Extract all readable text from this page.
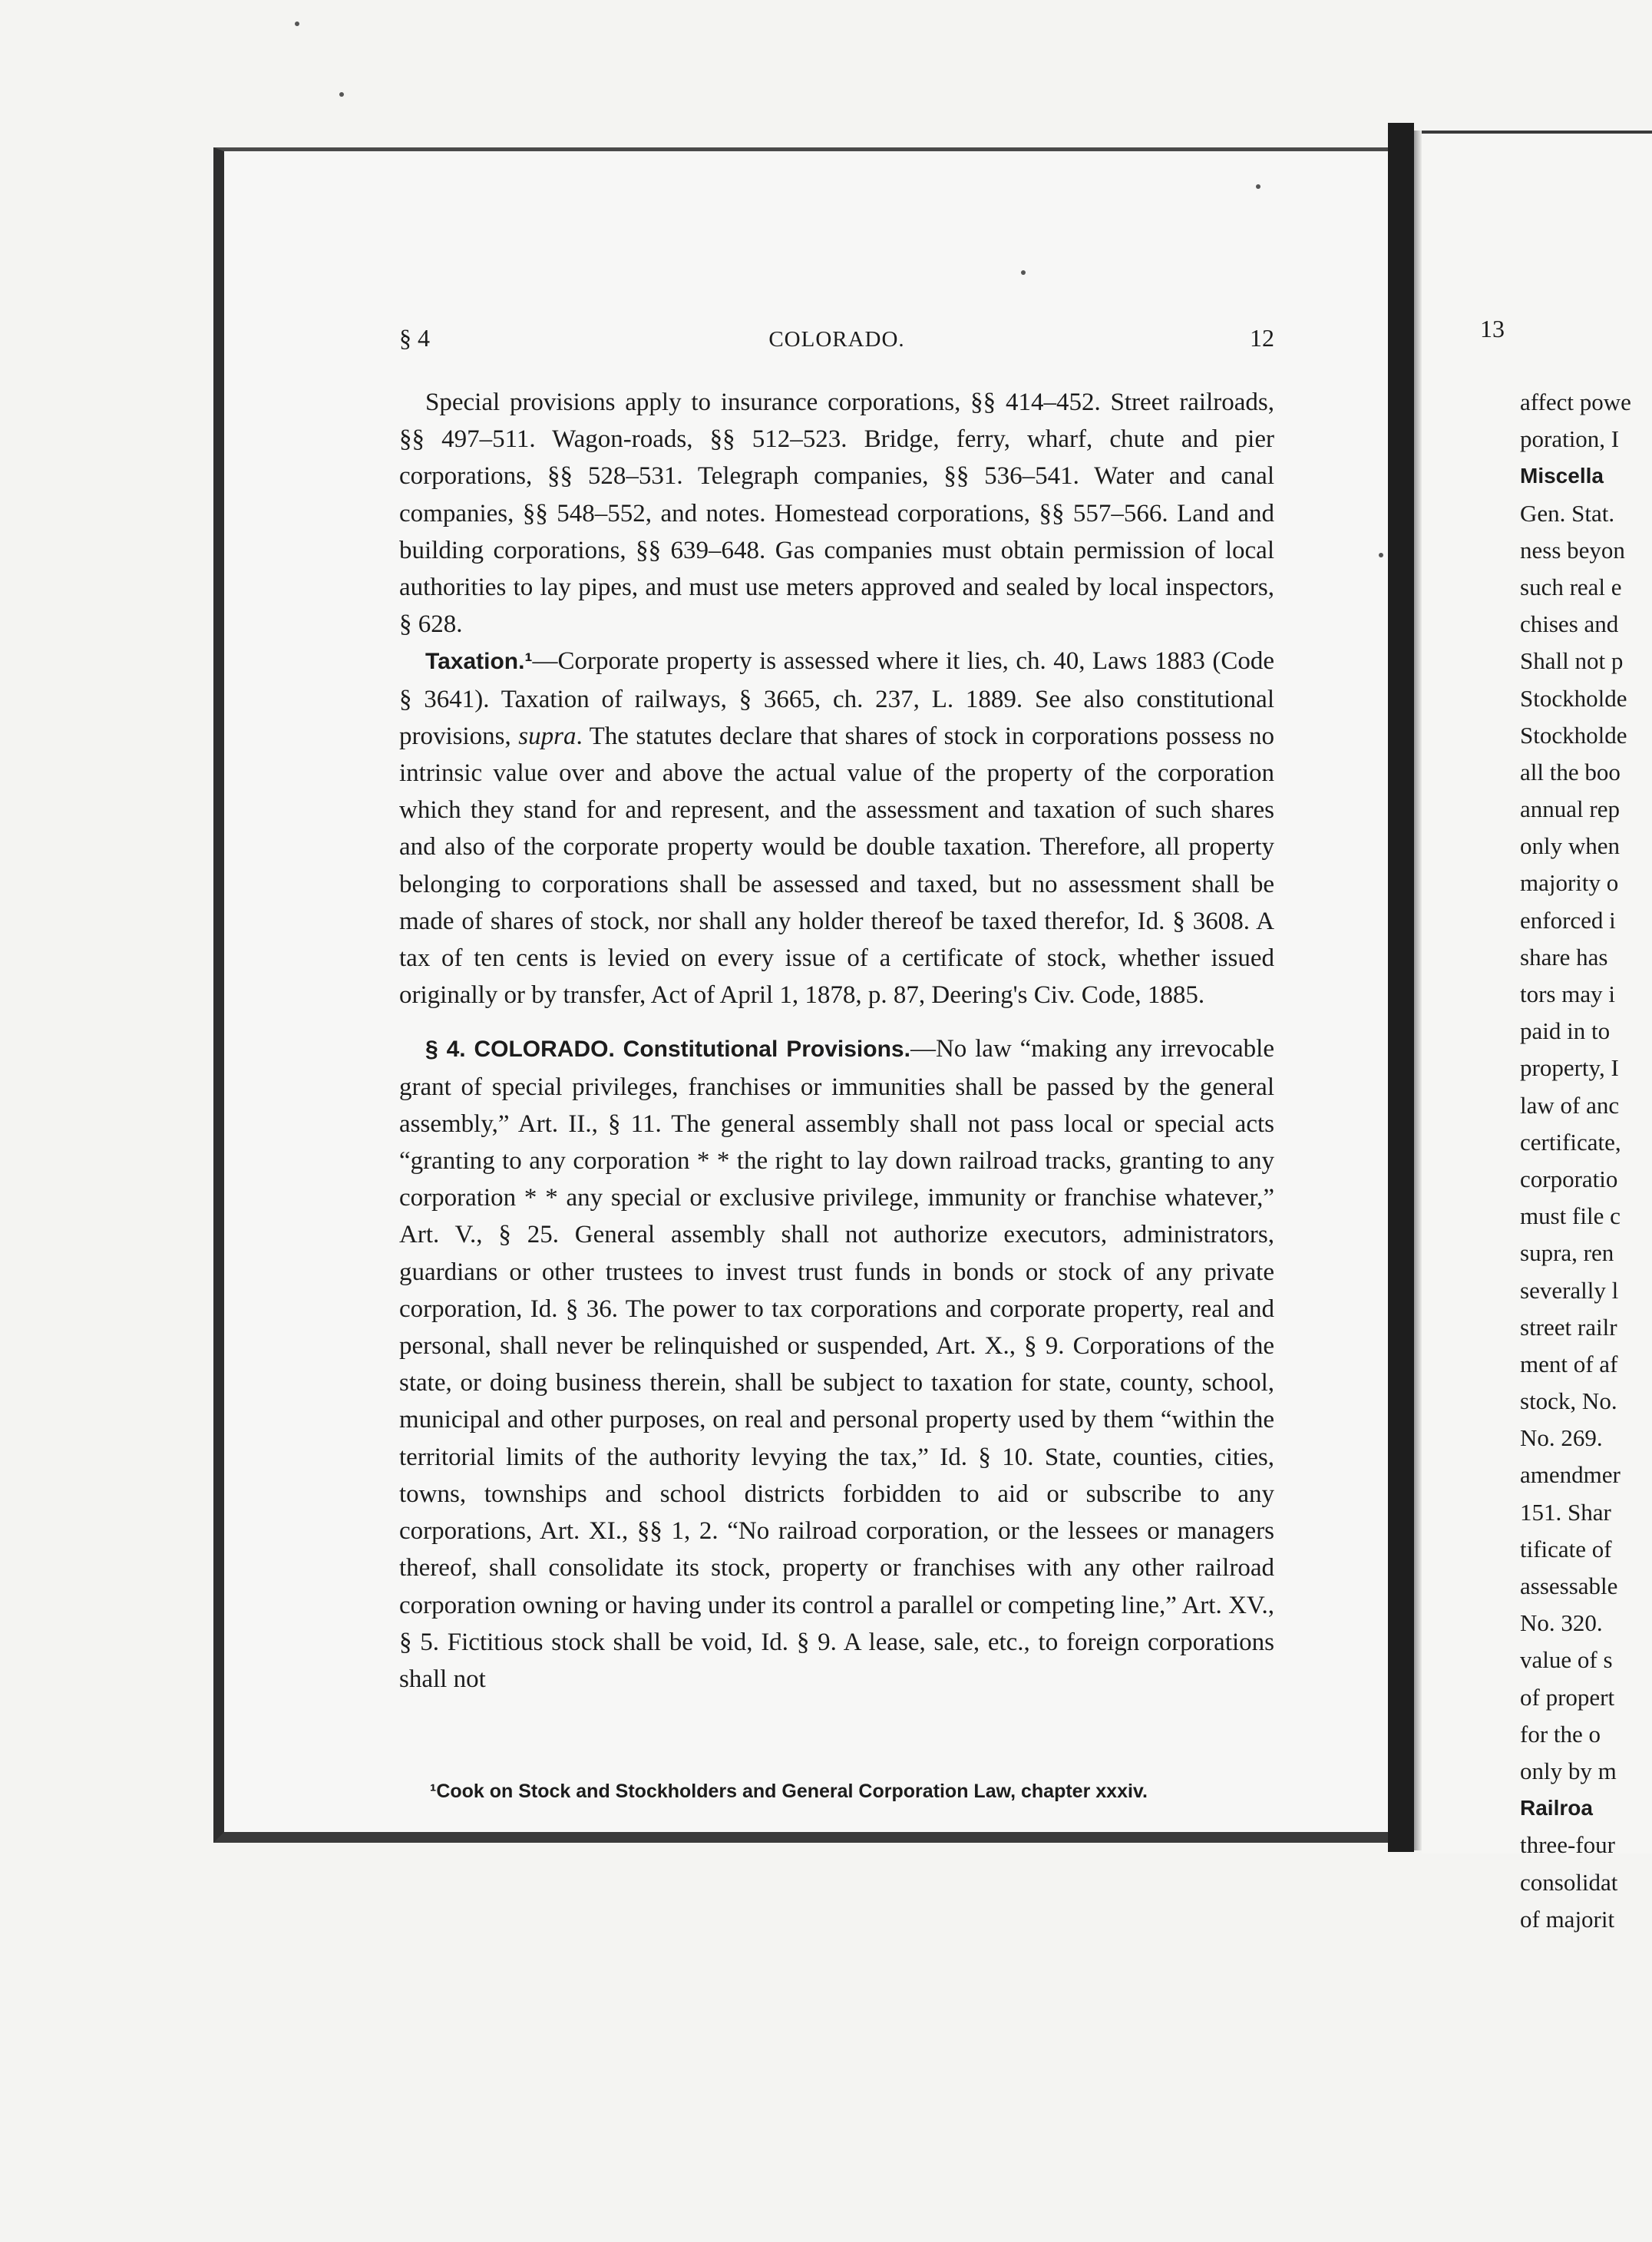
§ 4	COLORADO.	12

Special provisions apply to insurance corporations, §§ 414–452. Street railroads, §§ 497–511. Wagon-roads, §§ 512–523. Bridge, ferry, wharf, chute and pier corporations, §§ 528–531. Telegraph companies, §§ 536–541. Water and canal companies, §§ 548–552, and notes. Homestead corporations, §§ 557–566. Land and building corporations, §§ 639–648. Gas companies must obtain permission of local authorities to lay pipes, and must use meters approved and sealed by local inspectors, § 628.

Taxation.¹—Corporate property is assessed where it lies, ch. 40, Laws 1883 (Code § 3641). Taxation of railways, § 3665, ch. 237, L. 1889. See also constitutional provisions, supra. The statutes declare that shares of stock in corporations possess no intrinsic value over and above the actual value of the property of the corporation which they stand for and represent, and the assessment and taxation of such shares and also of the corporate property would be double taxation. Therefore, all property belonging to corporations shall be assessed and taxed, but no assessment shall be made of shares of stock, nor shall any holder thereof be taxed therefor, Id. § 3608. A tax of ten cents is levied on every issue of a certificate of stock, whether issued originally or by transfer, Act of April 1, 1878, p. 87, Deering's Civ. Code, 1885.

§ 4. COLORADO. Constitutional Provisions.—No law “making any irrevocable grant of special privileges, franchises or immunities shall be passed by the general assembly,” Art. II., § 11. The general assembly shall not pass local or special acts “granting to any corporation * * the right to lay down railroad tracks, granting to any corporation * * any special or exclusive privilege, immunity or franchise whatever,” Art. V., § 25. General assembly shall not authorize executors, administrators, guardians or other trustees to invest trust funds in bonds or stock of any private corporation, Id. § 36. The power to tax corporations and corporate property, real and personal, shall never be relinquished or suspended, Art. X., § 9. Corporations of the state, or doing business therein, shall be subject to taxation for state, county, school, municipal and other purposes, on real and personal property used by them “within the territorial limits of the authority levying the tax,” Id. § 10. State, counties, cities, towns, townships and school districts forbidden to aid or subscribe to any corporations, Art. XI., §§ 1, 2. “No railroad corporation, or the lessees or managers thereof, shall consolidate its stock, property or franchises with any other railroad corporation owning or having under its control a parallel or competing line,” Art. XV., § 5. Fictitious stock shall be void, Id. § 9. A lease, sale, etc., to foreign corporations shall not

¹Cook on Stock and Stockholders and General Corporation Law, chapter xxxiv.
13
affect powe
poration, I
Miscella
Gen. Stat.
ness beyon
such real e
chises and
Shall not p
Stockholde
Stockholde
all the boo
annual rep
only when
majority o
enforced i
share has
tors may i
paid in to
property, I
law of anc
certificate,
corporatio
must file c
supra, ren
severally l
street railr
ment of af
stock, No.
No. 269.
amendmer
151. Shar
tificate of
assessable
No. 320.
value of s
of propert
for the o
only by m
Railroa
three-four
consolidat
of majorit
